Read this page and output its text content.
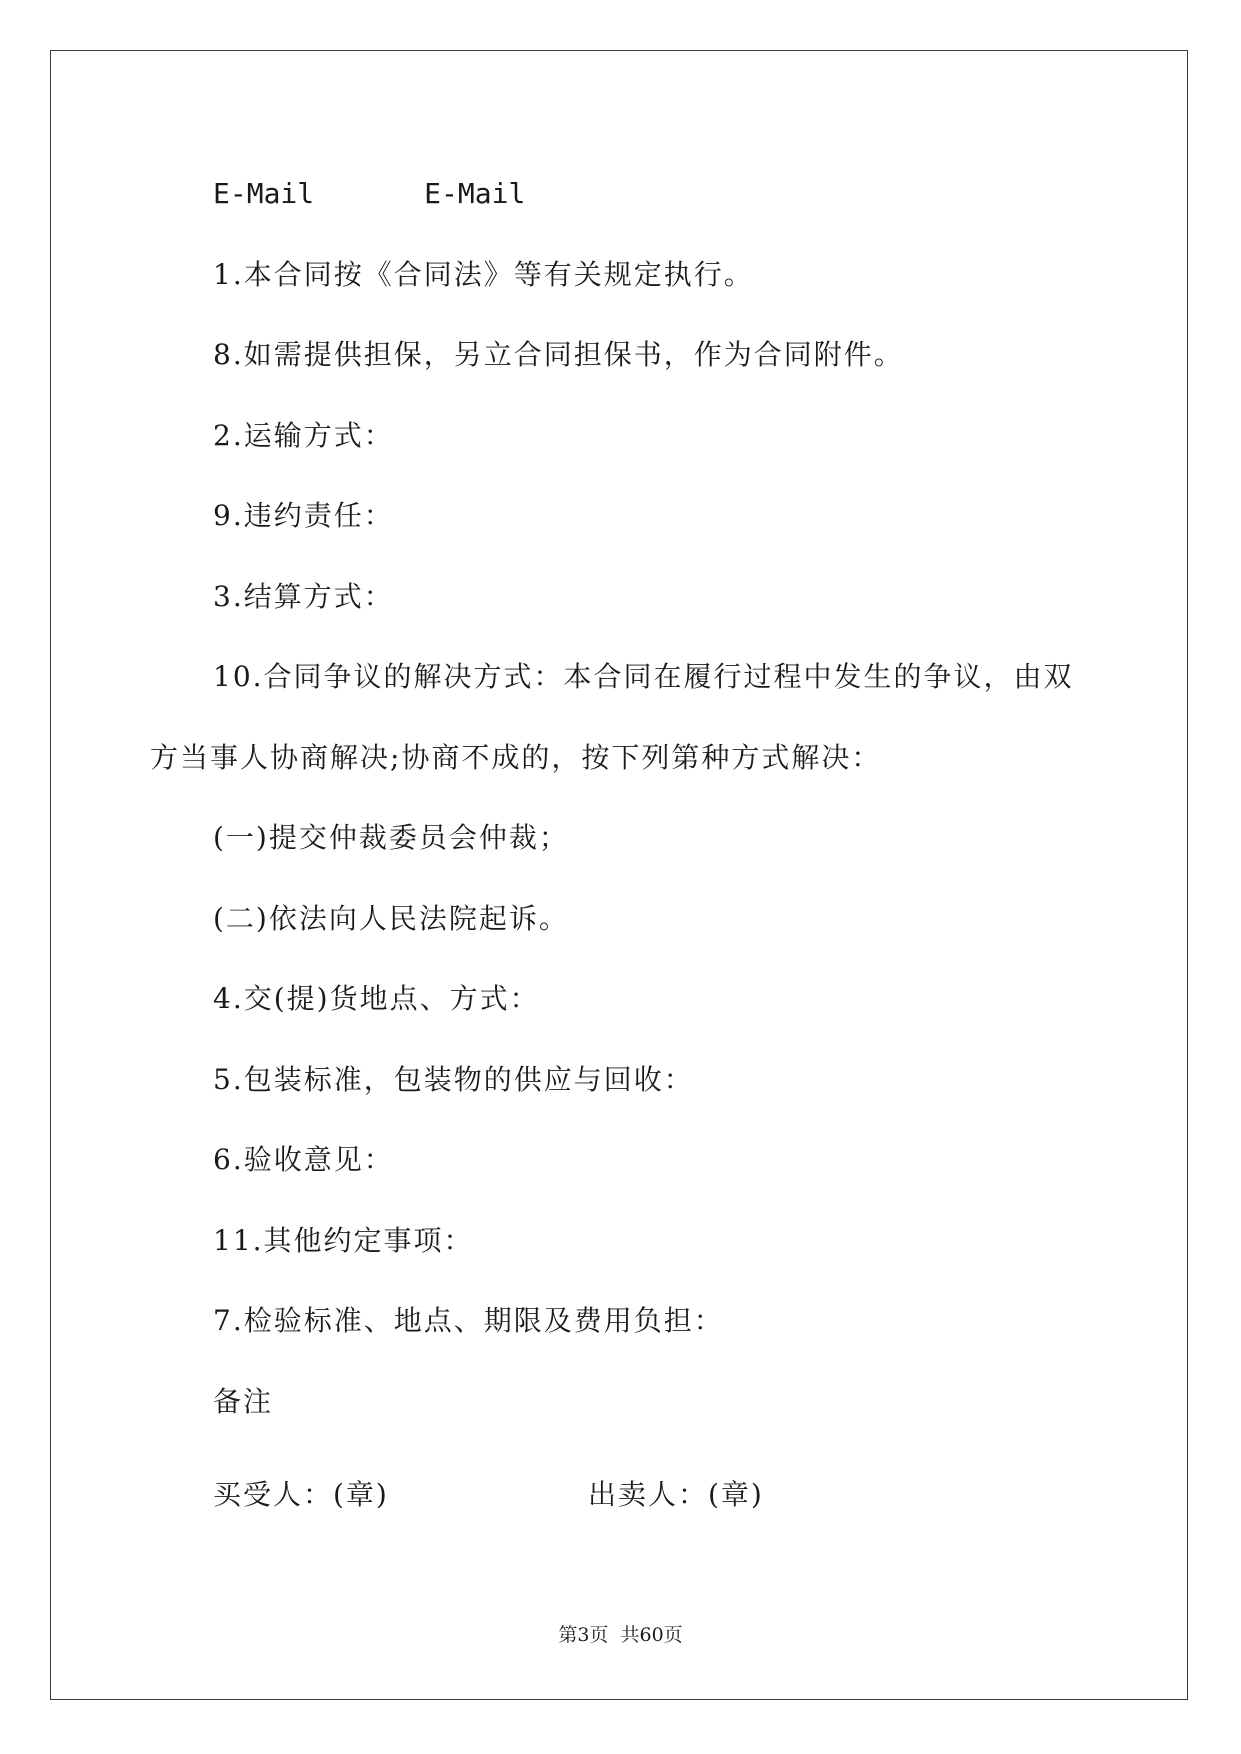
E-Mail	E-Mail
1.本合同按《合同法》等有关规定执行。
8.如需提供担保，另立合同担保书，作为合同附件。
2.运输方式：
9.违约责任：
3.结算方式：
10.合同争议的解决方式：本合同在履行过程中发生的争议，由双
方当事人协商解决;协商不成的，按下列第种方式解决：
(一)提交仲裁委员会仲裁；
(二)依法向人民法院起诉。
4.交(提)货地点、方式：
5.包装标准，包装物的供应与回收：
6.验收意见：
11.其他约定事项：
7.检验标准、地点、期限及费用负担：
备注
买受人：(章)	出卖人：(章)
第3页  共60页
